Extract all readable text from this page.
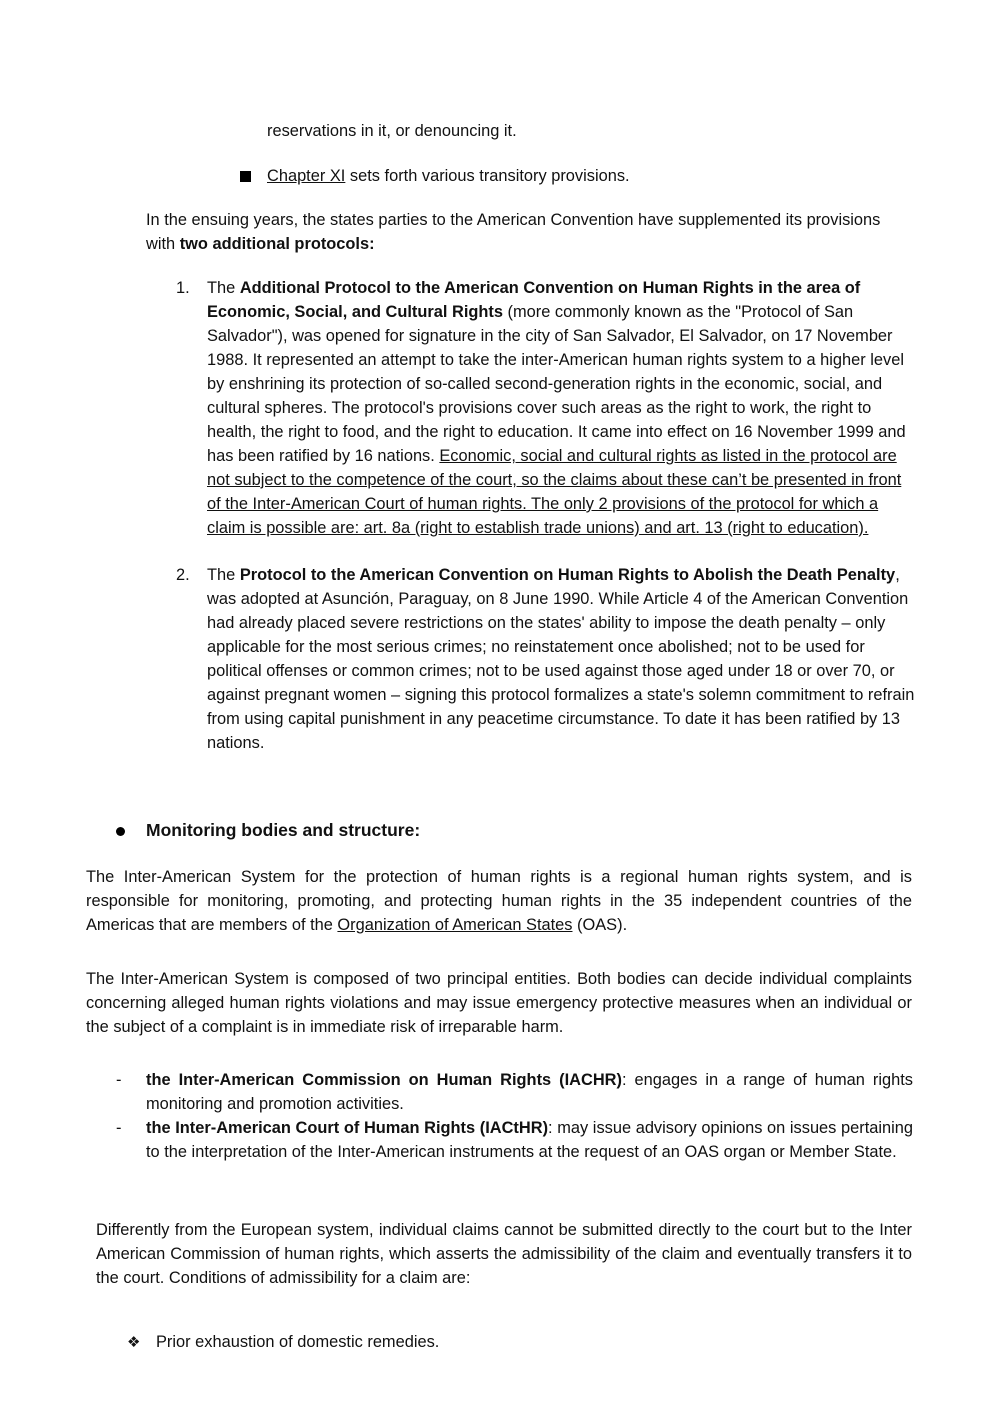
reservations in it, or denouncing it.
Chapter XI sets forth various transitory provisions.
In the ensuing years, the states parties to the American Convention have supplemented its provisions with two additional protocols:
1. The Additional Protocol to the American Convention on Human Rights in the area of Economic, Social, and Cultural Rights (more commonly known as the "Protocol of San Salvador"), was opened for signature in the city of San Salvador, El Salvador, on 17 November 1988. It represented an attempt to take the inter-American human rights system to a higher level by enshrining its protection of so-called second-generation rights in the economic, social, and cultural spheres. The protocol's provisions cover such areas as the right to work, the right to health, the right to food, and the right to education. It came into effect on 16 November 1999 and has been ratified by 16 nations. Economic, social and cultural rights as listed in the protocol are not subject to the competence of the court, so the claims about these can’t be presented in front of the Inter-American Court of human rights. The only 2 provisions of the protocol for which a claim is possible are: art. 8a (right to establish trade unions) and art. 13 (right to education).
2. The Protocol to the American Convention on Human Rights to Abolish the Death Penalty, was adopted at Asunción, Paraguay, on 8 June 1990. While Article 4 of the American Convention had already placed severe restrictions on the states' ability to impose the death penalty – only applicable for the most serious crimes; no reinstatement once abolished; not to be used for political offenses or common crimes; not to be used against those aged under 18 or over 70, or against pregnant women – signing this protocol formalizes a state's solemn commitment to refrain from using capital punishment in any peacetime circumstance. To date it has been ratified by 13 nations.
Monitoring bodies and structure:
The Inter-American System for the protection of human rights is a regional human rights system, and is responsible for monitoring, promoting, and protecting human rights in the 35 independent countries of the Americas that are members of the Organization of American States (OAS).
The Inter-American System is composed of two principal entities. Both bodies can decide individual complaints concerning alleged human rights violations and may issue emergency protective measures when an individual or the subject of a complaint is in immediate risk of irreparable harm.
- the Inter-American Commission on Human Rights (IACHR): engages in a range of human rights monitoring and promotion activities.
- the Inter-American Court of Human Rights (IACtHR): may issue advisory opinions on issues pertaining to the interpretation of the Inter-American instruments at the request of an OAS organ or Member State.
Differently from the European system, individual claims cannot be submitted directly to the court but to the Inter American Commission of human rights, which asserts the admissibility of the claim and eventually transfers it to the court. Conditions of admissibility for a claim are:
❖ Prior exhaustion of domestic remedies.
